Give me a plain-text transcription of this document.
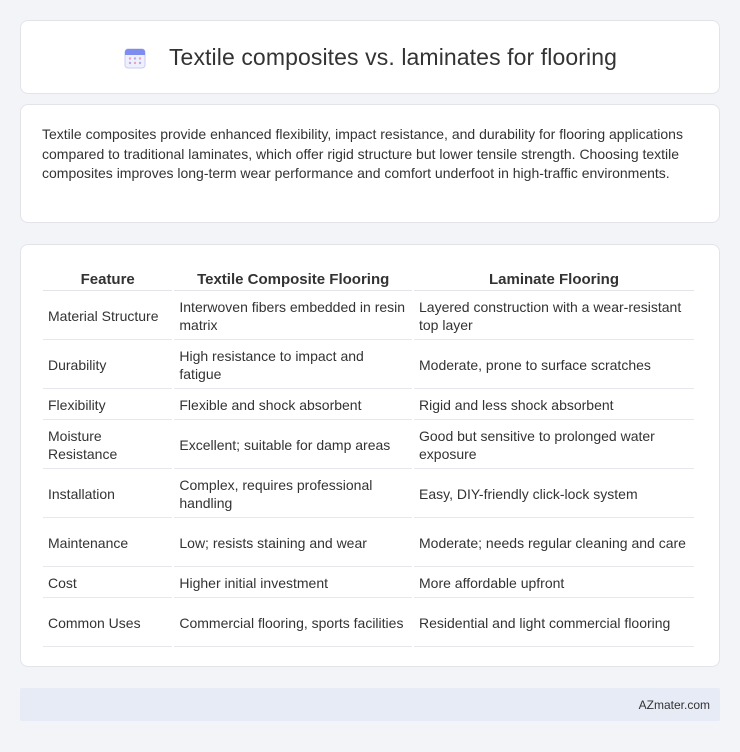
Textile composites vs. laminates for flooring

Textile composites provide enhanced flexibility, impact resistance, and durability for flooring applications compared to traditional laminates, which offer rigid structure but lower tensile strength. Choosing textile composites improves long-term wear performance and comfort underfoot in high-traffic environments.

Feature	Textile Composite Flooring	Laminate Flooring
Material Structure	Interwoven fibers embedded in resin matrix	Layered construction with a wear-resistant top layer
Durability	High resistance to impact and fatigue	Moderate, prone to surface scratches
Flexibility	Flexible and shock absorbent	Rigid and less shock absorbent
Moisture Resistance	Excellent; suitable for damp areas	Good but sensitive to prolonged water exposure
Installation	Complex, requires professional handling	Easy, DIY-friendly click-lock system
Maintenance	Low; resists staining and wear	Moderate; needs regular cleaning and care
Cost	Higher initial investment	More affordable upfront
Common Uses	Commercial flooring, sports facilities	Residential and light commercial flooring
AZmater.com
